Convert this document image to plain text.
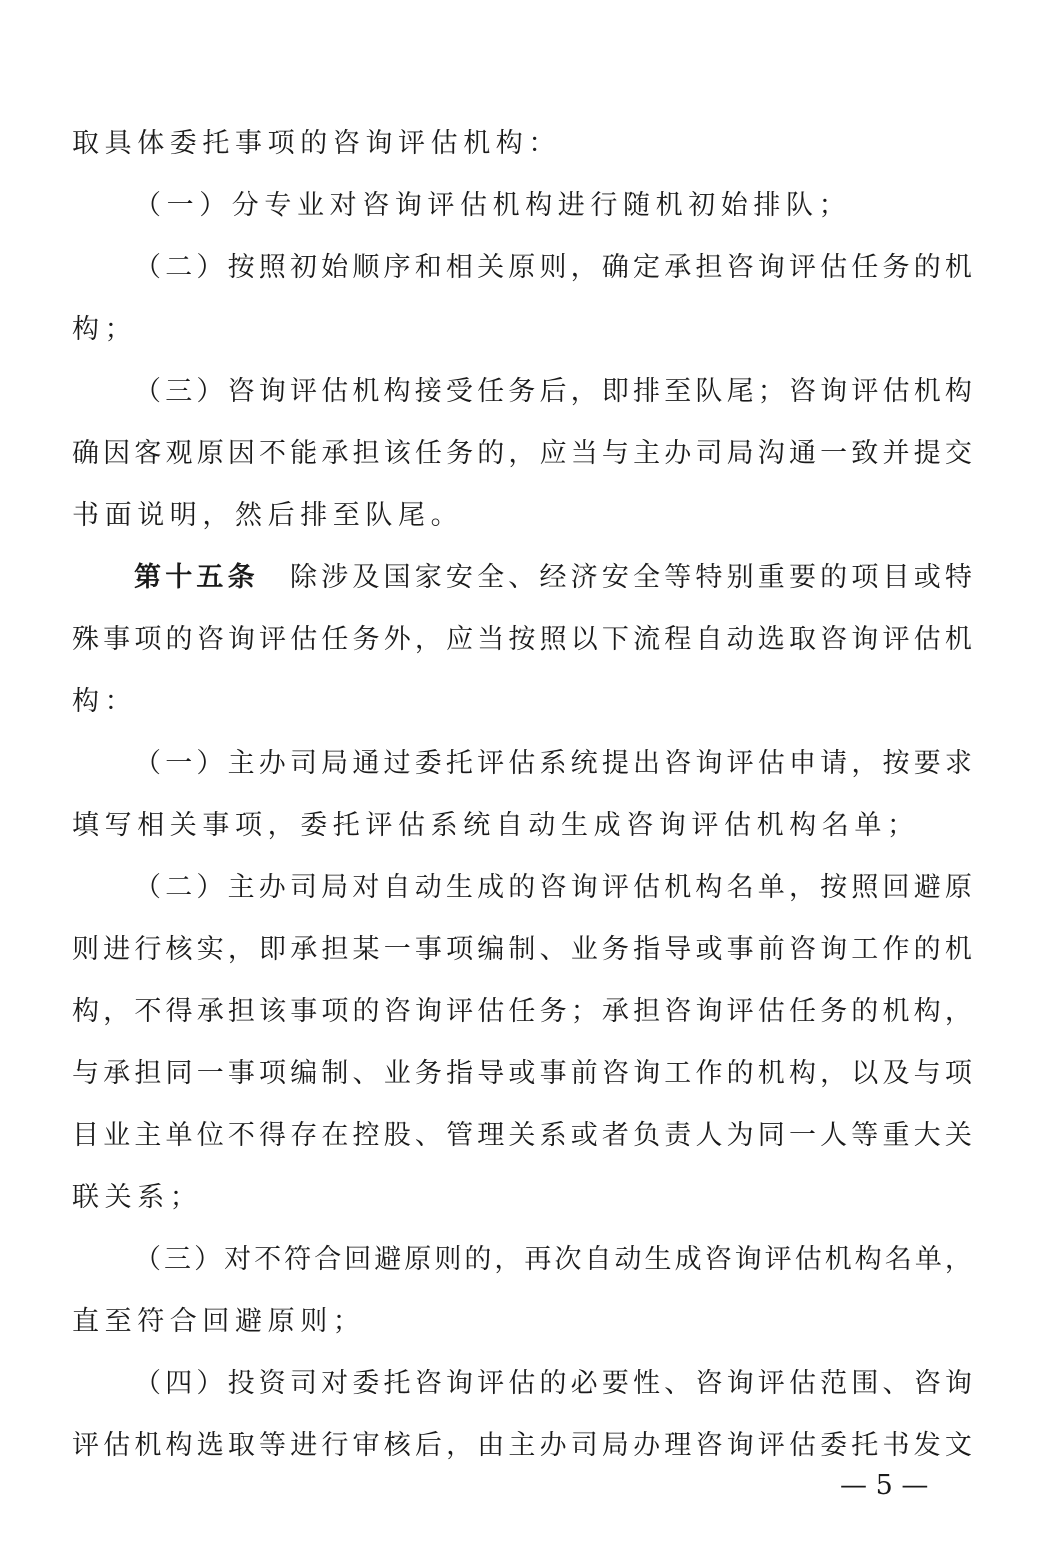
取具体委托事项的咨询评估机构：
（一）分专业对咨询评估机构进行随机初始排队；
（ 二 ） 按 照 初 始 顺 序 和 相 关 原 则 ， 确 定 承 担 咨 询 评 估 任 务 的 机
构；
（ 三 ） 咨 询 评 估 机 构 接 受 任 务 后 ， 即 排 至 队 尾 ； 咨 询 评 估 机 构
确 因 客 观 原 因 不 能 承 担 该 任 务 的 ， 应 当 与 主 办 司 局 沟 通 一 致 并 提 交
书面说明，然后排至队尾。
第 十 五 条
　 除 涉 及 国 家 安 全 、 经 济 安 全 等 特 别 重 要 的 项 目 或 特
殊 事 项 的 咨 询 评 估 任 务 外 ， 应 当 按 照 以 下 流 程 自 动 选 取 咨 询 评 估 机
构：
（ 一 ） 主 办 司 局 通 过 委 托 评 估 系 统 提 出 咨 询 评 估 申 请 ， 按 要 求
填写相关事项，委托评估系统自动生成咨询评估机构名单；
（ 二 ） 主 办 司 局 对 自 动 生 成 的 咨 询 评 估 机 构 名 单 ， 按 照 回 避 原
则 进 行 核 实 ， 即 承 担 某 一 事 项 编 制 、 业 务 指 导 或 事 前 咨 询 工 作 的 机
构 ， 不 得 承 担 该 事 项 的 咨 询 评 估 任 务 ； 承 担 咨 询 评 估 任 务 的 机 构 ，
与 承 担 同 一 事 项 编 制 、 业 务 指 导 或 事 前 咨 询 工 作 的 机 构 ， 以 及 与 项
目 业 主 单 位 不 得 存 在 控 股 、 管 理 关 系 或 者 负 责 人 为 同 一 人 等 重 大 关
联关系；
（ 三 ） 对 不 符 合 回 避 原 则 的 ， 再 次 自 动 生 成 咨 询 评 估 机 构 名 单 ，
直至符合回避原则；
（ 四 ） 投 资 司 对 委 托 咨 询 评 估 的 必 要 性 、 咨 询 评 估 范 围 、 咨 询
评 估 机 构 选 取 等 进 行 审 核 后 ， 由 主 办 司 局 办 理 咨 询 评 估 委 托 书 发 文
— 5 —
